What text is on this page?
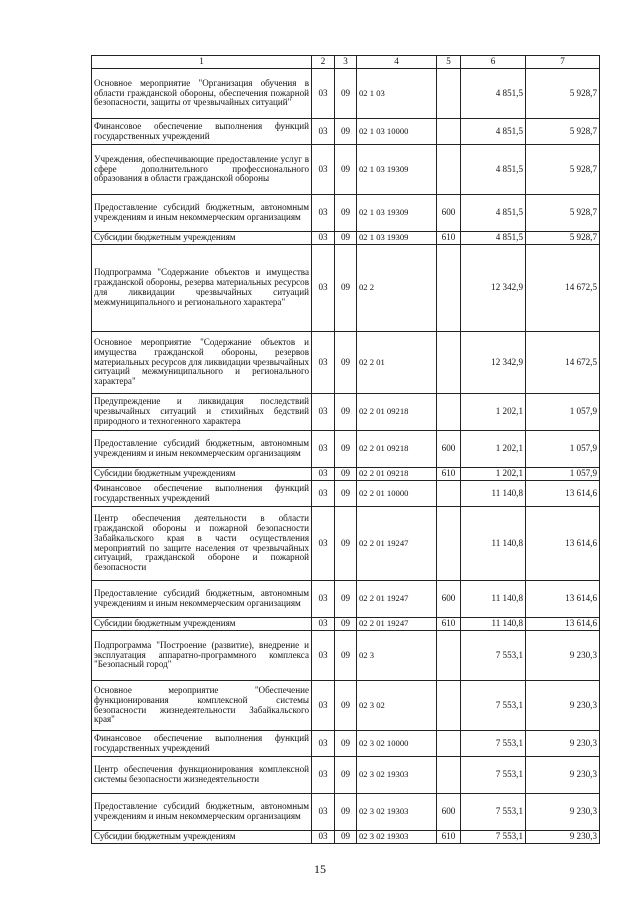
1	2	3	4	5	6	7
Основное мероприятие "Организация обучения в области гражданской обороны, обеспечения пожарной безопасности, защиты от чрезвычайных ситуаций"	03	09	02 1 03		4 851,5	5 928,7
Финансовое обеспечение выполнения функций государственных учреждений	03	09	02 1 03 10000		4 851,5	5 928,7
Учреждения, обеспечивающие предоставление услуг в сфере дополнительного профессионального образования в области гражданской обороны	03	09	02 1 03 19309		4 851,5	5 928,7
Предоставление субсидий бюджетным, автономным учреждениям и иным некоммерческим организациям	03	09	02 1 03 19309	600	4 851,5	5 928,7
Субсидии бюджетным учреждениям	03	09	02 1 03 19309	610	4 851,5	5 928,7
Подпрограмма "Содержание объектов и имущества гражданской обороны, резерва материальных ресурсов для ликвидации чрезвычайных ситуаций межмуниципального и регионального характера"	03	09	02 2		12 342,9	14 672,5
Основное мероприятие "Содержание объектов и имущества гражданской обороны, резервов материальных ресурсов для ликвидации чрезвычайных ситуаций межмуниципального и регионального характера"	03	09	02 2 01		12 342,9	14 672,5
Предупреждение и ликвидация последствий чрезвычайных ситуаций и стихийных бедствий природного и техногенного характера	03	09	02 2 01 09218		1 202,1	1 057,9
Предоставление субсидий бюджетным, автономным учреждениям и иным некоммерческим организациям	03	09	02 2 01 09218	600	1 202,1	1 057,9
Субсидии бюджетным учреждениям	03	09	02 2 01 09218	610	1 202,1	1 057,9
Финансовое обеспечение выполнения функций государственных учреждений	03	09	02 2 01 10000		11 140,8	13 614,6
Центр обеспечения деятельности в области гражданской обороны и пожарной безопасности Забайкальского края в части осуществления мероприятий по защите населения от чрезвычайных ситуаций, гражданской обороне и пожарной безопасности	03	09	02 2 01 19247		11 140,8	13 614,6
Предоставление субсидий бюджетным, автономным учреждениям и иным некоммерческим организациям	03	09	02 2 01 19247	600	11 140,8	13 614,6
Субсидии бюджетным учреждениям	03	09	02 2 01 19247	610	11 140,8	13 614,6
Подпрограмма "Построение (развитие), внедрение и эксплуатация аппаратно-программного комплекса "Безопасный город"	03	09	02 3		7 553,1	9 230,3
Основное мероприятие "Обеспечение функционирования комплексной системы безопасности жизнедеятельности Забайкальского края"	03	09	02 3 02		7 553,1	9 230,3
Финансовое обеспечение выполнения функций государственных учреждений	03	09	02 3 02 10000		7 553,1	9 230,3
Центр обеспечения функционирования комплексной системы безопасности жизнедеятельности	03	09	02 3 02 19303		7 553,1	9 230,3
Предоставление субсидий бюджетным, автономным учреждениям и иным некоммерческим организациям	03	09	02 3 02 19303	600	7 553,1	9 230,3
Субсидии бюджетным учреждениям	03	09	02 3 02 19303	610	7 553,1	9 230,3
15
